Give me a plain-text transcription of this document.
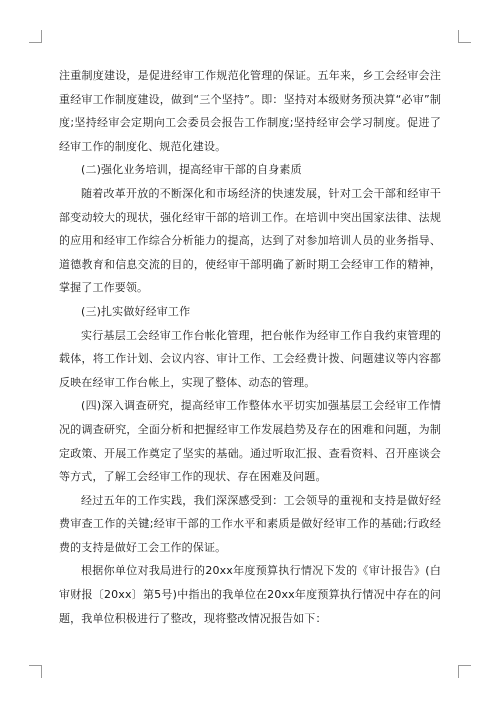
注重制度建设，是促进经审工作规范化管理的保证。五年来，乡工会经审会注重经审工作制度建设，做到“三个坚持”。即：坚持对本级财务预决算“必审”制度;坚持经审会定期向工会委员会报告工作制度;坚持经审会学习制度。促进了经审工作的制度化、规范化建设。

(二)强化业务培训，提高经审干部的自身素质

随着改革开放的不断深化和市场经济的快速发展，针对工会干部和经审干部变动较大的现状，强化经审干部的培训工作。在培训中突出国家法律、法规的应用和经审工作综合分析能力的提高，达到了对参加培训人员的业务指导、道德教育和信息交流的目的，使经审干部明确了新时期工会经审工作的精神，掌握了工作要领。

(三)扎实做好经审工作

实行基层工会经审工作台帐化管理，把台帐作为经审工作自我约束管理的载体，将工作计划、会议内容、审计工作、工会经费计拨、问题建议等内容都反映在经审工作台帐上，实现了整体、动态的管理。

(四)深入调查研究，提高经审工作整体水平切实加强基层工会经审工作情况的调查研究，全面分析和把握经审工作发展趋势及存在的困难和问题，为制定政策、开展工作奠定了坚实的基础。通过听取汇报、查看资料、召开座谈会等方式，了解工会经审工作的现状、存在困难及问题。

经过五年的工作实践，我们深深感受到：工会领导的重视和支持是做好经费审查工作的关键;经审干部的工作水平和素质是做好经审工作的基础;行政经费的支持是做好工会工作的保证。

根据你单位对我局进行的20xx年度预算执行情况下发的《审计报告》(白审财报〔20xx〕第5号)中指出的我单位在20xx年度预算执行情况中存在的问题，我单位积极进行了整改，现将整改情况报告如下：
